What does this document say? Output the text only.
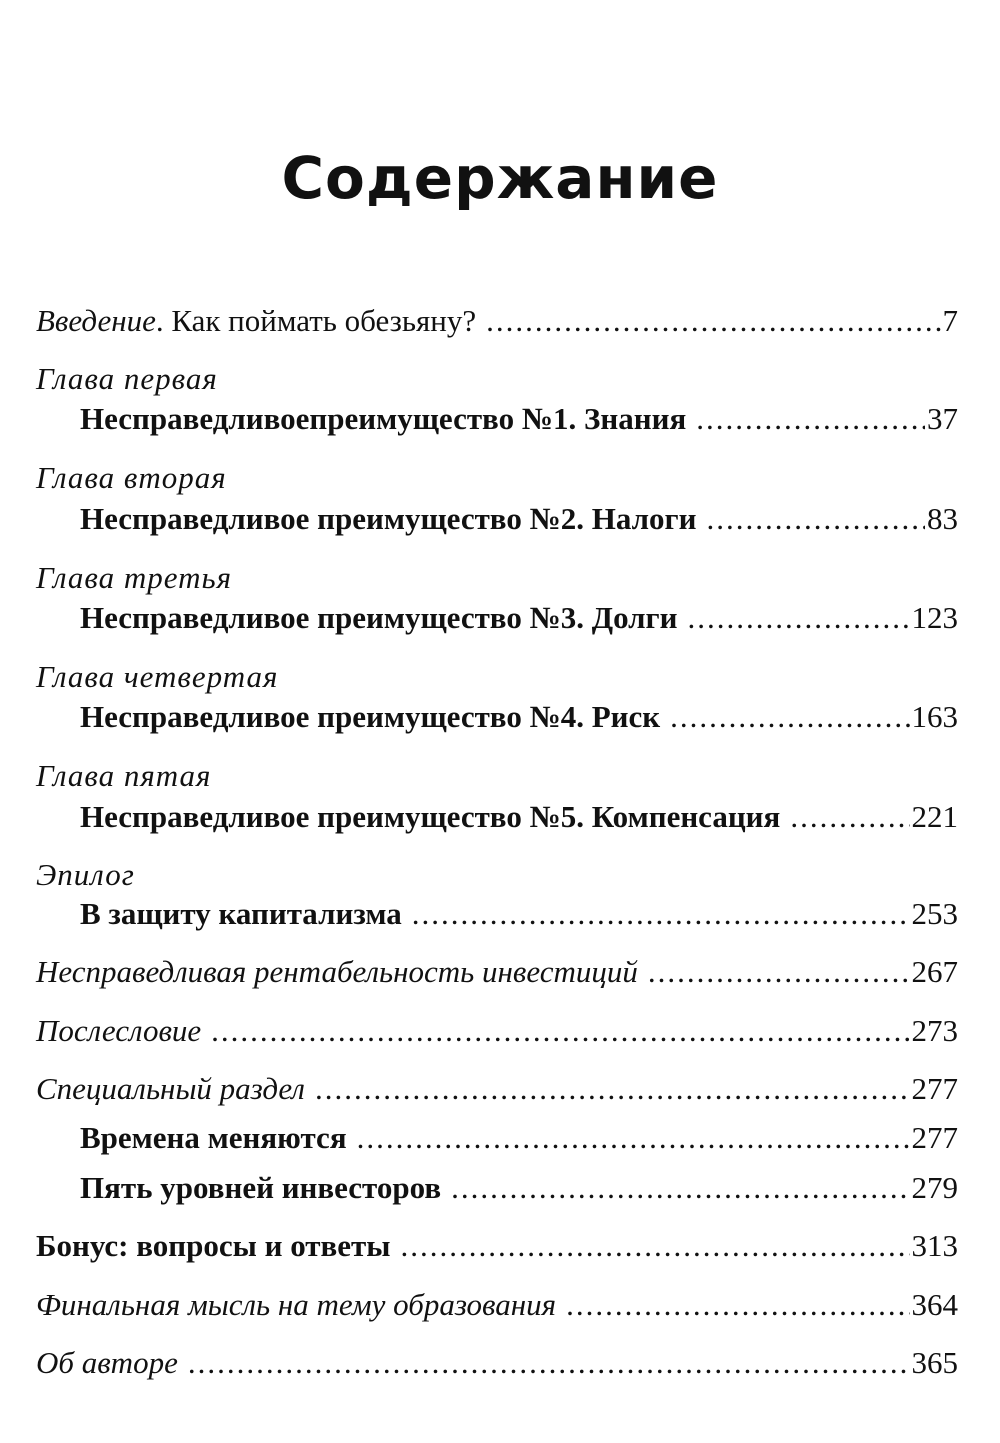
Содержание
Введение. Как поймать обезьяну? .....	7
Глава первая
Несправедливоепреимущество №1. Знания .....	37
Глава вторая
Несправедливое преимущество №2. Налоги .....	83
Глава третья
Несправедливое преимущество №3. Долги .....	123
Глава четвертая
Несправедливое преимущество №4. Риск .....	163
Глава пятая
Несправедливое преимущество №5. Компенсация .....	221
Эпилог
В защиту капитализма .....	253
Несправедливая рентабельность инвестиций .....	267
Послесловие .....	273
Специальный раздел .....	277
Времена меняются .....	277
Пять уровней инвесторов .....	279
Бонус: вопросы и ответы .....	313
Финальная мысль на тему образования .....	364
Об авторе .....	365
